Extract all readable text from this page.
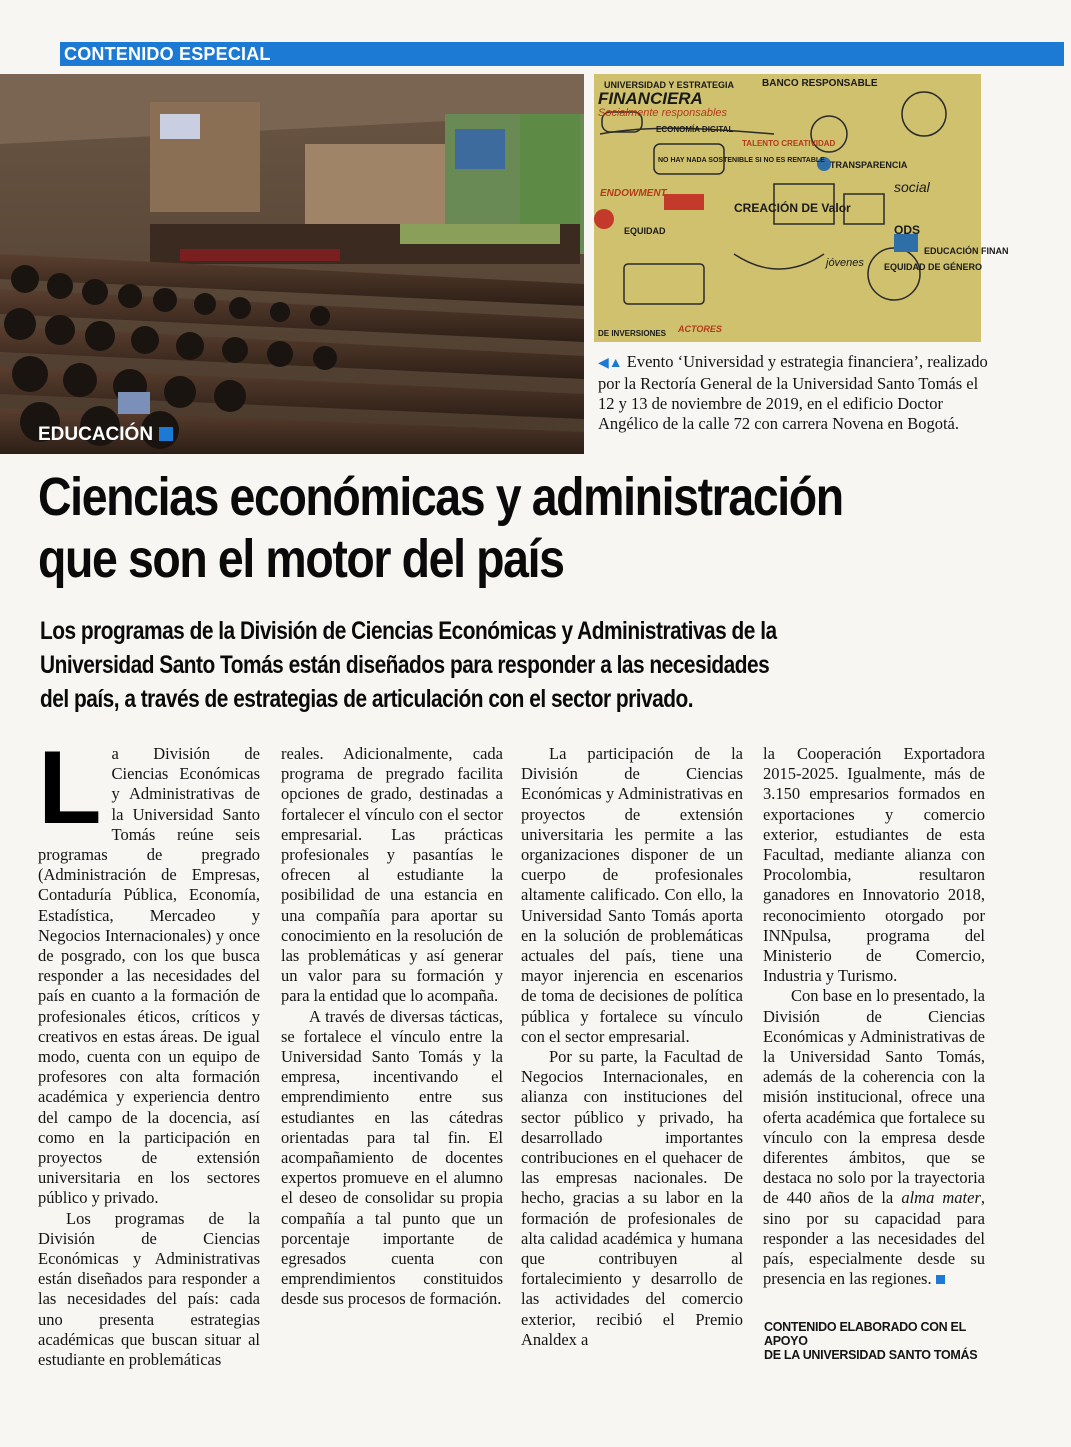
CONTENIDO ESPECIAL
UNIVERSIDAD Y ESTRATEGIA
FINANCIERA
Socialmente responsables
BANCO RESPONSABLE
ECONOMÍA DIGITAL
TALENTO CREATIVIDAD
NO HAY NADA SOSTENIBLE SI NO ES RENTABLE TRANSPARENCIA
CREACIÓN DE Valor
ODS
social
EDUCACIÓN FINAN
EQUIDAD DE GÉNERO
jóvenes
EQUIDAD
ENDOWMENT
ACTORES
DE INVERSIONES
◀▲ Evento ‘Universidad y estrategia financiera’, realizado por la Rectoría General de la Universidad Santo Tomás el 12 y 13 de noviembre de 2019, en el edificio Doctor Angélico de la calle 72 con carrera Novena en Bogotá.
EDUCACIÓN
Ciencias económicas y administración
que son el motor del país
Los programas de la División de Ciencias Económicas y Administrativas de la
Universidad Santo Tomás están diseñados para responder a las necesidades
del país, a través de estrategias de articulación con el sector privado.

La División de Ciencias Económicas y Administrativas de la Universidad Santo Tomás reúne seis programas de pregrado (Administración de Empresas, Contaduría Pública, Economía, Estadística, Mercadeo y Negocios Internacionales) y once de posgrado, con los que busca responder a las necesidades del país en cuanto a la formación de profesionales éticos, críticos y creativos en estas áreas. De igual modo, cuenta con un equipo de profesores con alta formación académica y experiencia dentro del campo de la docencia, así como en la participación en proyectos de extensión universitaria en los sectores público y privado.

Los programas de la División de Ciencias Económicas y Administrativas están diseñados para responder a las necesidades del país: cada uno presenta estrategias académicas que buscan situar al estudiante en problemáticas

reales. Adicionalmente, cada programa de pregrado facilita opciones de grado, destinadas a fortalecer el vínculo con el sector empresarial. Las prácticas profesionales y pasantías le ofrecen al estudiante la posibilidad de una estancia en una compañía para aportar su conocimiento en la resolución de las problemáticas y así generar un valor para su formación y para la entidad que lo acompaña.

A través de diversas tácticas, se fortalece el vínculo entre la Universidad Santo Tomás y la empresa, incentivando el emprendimiento entre sus estudiantes en las cátedras orientadas para tal fin. El acompañamiento de docentes expertos promueve en el alumno el deseo de consolidar su propia compañía a tal punto que un porcentaje importante de egresados cuenta con emprendimientos constituidos desde sus procesos de formación.

La participación de la División de Ciencias Económicas y Administrativas en proyectos de extensión universitaria les permite a las organizaciones disponer de un cuerpo de profesionales altamente calificado. Con ello, la Universidad Santo Tomás aporta en la solución de problemáticas actuales del país, tiene una mayor injerencia en escenarios de toma de decisiones de política pública y fortalece su vínculo con el sector empresarial.

Por su parte, la Facultad de Negocios Internacionales, en alianza con instituciones del sector público y privado, ha desarrollado importantes contribuciones en el quehacer de las empresas nacionales. De hecho, gracias a su labor en la formación de profesionales de alta calidad académica y humana que contribuyen al fortalecimiento y desarrollo de las actividades del comercio exterior, recibió el Premio Analdex a

la Cooperación Exportadora 2015-2025. Igualmente, más de 3.150 empresarios formados en exportaciones y comercio exterior, estudiantes de esta Facultad, mediante alianza con Procolombia, resultaron ganadores en Innovatorio 2018, reconocimiento otorgado por INNpulsa, programa del Ministerio de Comercio, Industria y Turismo.

Con base en lo presentado, la División de Ciencias Económicas y Administrativas de la Universidad Santo Tomás, además de la coherencia con la misión institucional, ofrece una oferta académica que fortalece su vínculo con la empresa desde diferentes ámbitos, que se destaca no solo por la trayectoria de 440 años de la alma mater, sino por su capacidad para responder a las necesidades del país, especialmente desde su presencia en las regiones.

CONTENIDO ELABORADO CON EL APOYO
DE LA UNIVERSIDAD SANTO TOMÁS
